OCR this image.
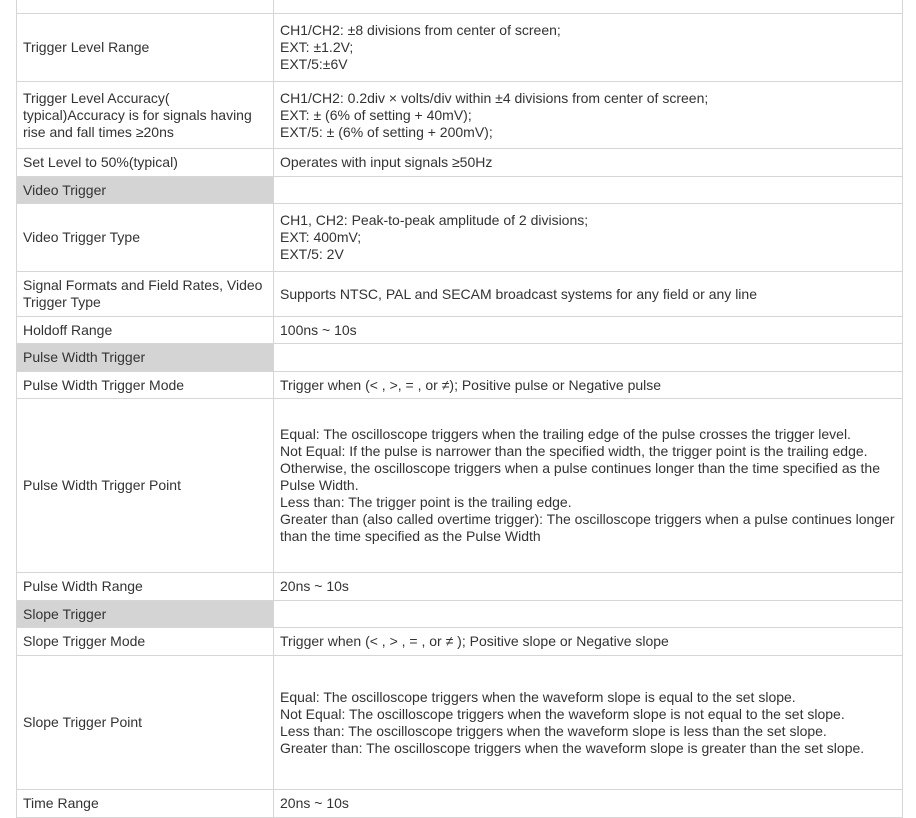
Trigger Level Range	CH1/CH2: ±8 divisions from center of screen;
EXT: ±1.2V;
EXT/5:±6V

Trigger Level Accuracy( typical)Accuracy is for signals having rise and fall times ≥20ns	CH1/CH2: 0.2div × volts/div within ±4 divisions from center of screen;
EXT: ± (6% of setting + 40mV);
EXT/5: ± (6% of setting + 200mV);

Set Level to 50%(typical)	Operates with input signals ≥50Hz

Video Trigger	
Video Trigger Type	CH1, CH2: Peak-to-peak amplitude of 2 divisions;
EXT: 400mV;
EXT/5: 2V

Signal Formats and Field Rates, Video Trigger Type	Supports NTSC, PAL and SECAM broadcast systems for any field or any line

Holdoff Range	100ns ~ 10s

Pulse Width Trigger	
Pulse Width Trigger Mode	Trigger when (< , >, = , or ≠); Positive pulse or Negative pulse

Pulse Width Trigger Point	Equal: The oscilloscope triggers when the trailing edge of the pulse crosses the trigger level.
Not Equal: If the pulse is narrower than the specified width, the trigger point is the trailing edge. Otherwise, the oscilloscope triggers when a pulse continues longer than the time specified as the Pulse Width.
Less than: The trigger point is the trailing edge.
Greater than (also called overtime trigger): The oscilloscope triggers when a pulse continues longer than the time specified as the Pulse Width

Pulse Width Range	20ns ~ 10s

Slope Trigger	
Slope Trigger Mode	Trigger when (< , > , = , or ≠ ); Positive slope or Negative slope

Slope Trigger Point	Equal: The oscilloscope triggers when the waveform slope is equal to the set slope.
Not Equal: The oscilloscope triggers when the waveform slope is not equal to the set slope.
Less than: The oscilloscope triggers when the waveform slope is less than the set slope.
Greater than: The oscilloscope triggers when the waveform slope is greater than the set slope.

Time Range	20ns ~ 10s
